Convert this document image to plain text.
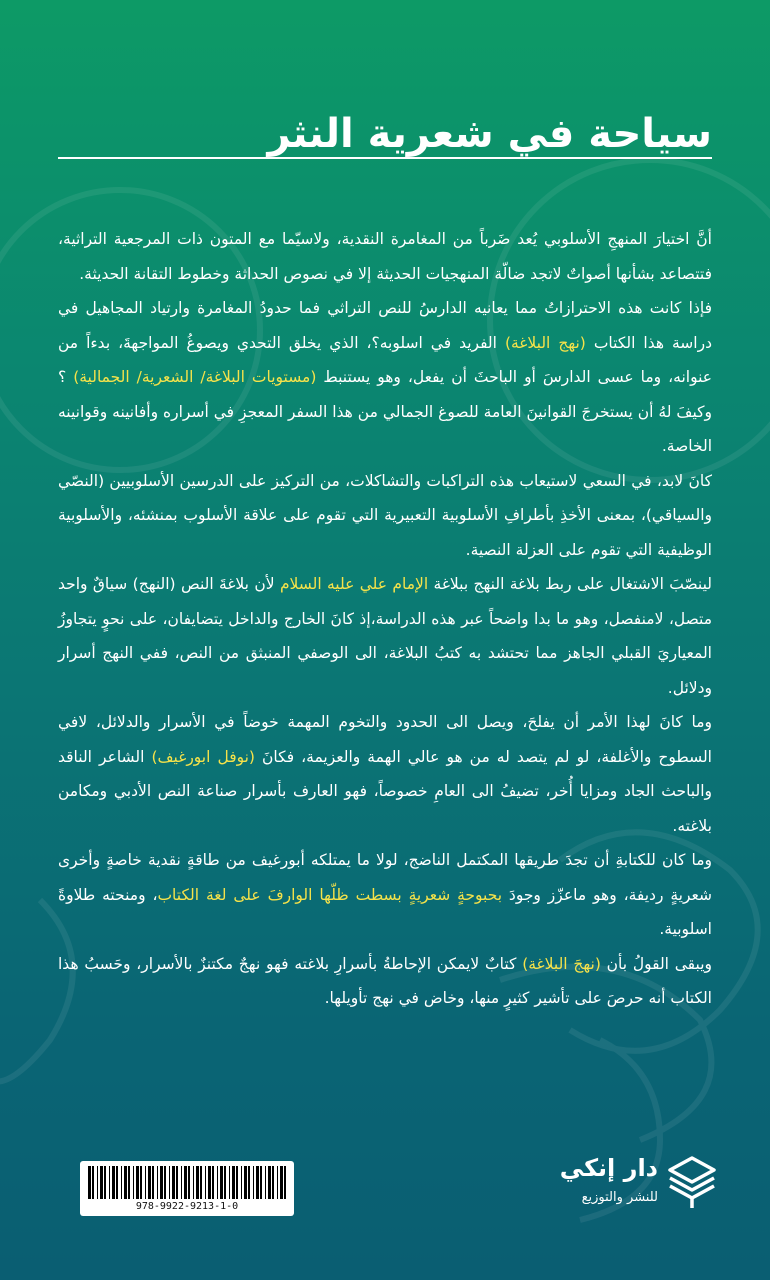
سياحة في شعرية النثر

أنَّ اختيارَ المنهجِ الأسلوبي يُعد ضَرباً من المغامرة النقدية، ولاسيّما مع المتون ذات المرجعية التراثية، فتتصاعد بشأنها أصواتٌ لاتجد ضالّة المنهجيات الحديثة إلا في نصوص الحداثة وخطوط التقانة الحديثة.

فإذا كانت هذه الاحترازاتُ مما يعانيه الدارسُ للنص التراثي فما حدودُ المغامرة وارتياد المجاهيل في دراسة هذا الكتاب (نهج البلاغة) الفريد في اسلوبه؟، الذي يخلق التحدي ويصوغُ المواجهةَ، بدءاً من عنوانه، وما عسى الدارسَ أو الباحثَ أن يفعل، وهو يستنبط (مستويات البلاغة/ الشعرية/ الجمالية) ؟ وكيفَ لهُ أن يستخرجَ القوانينَ العامة للصوغ الجمالي من هذا السفر المعجزِ في أسراره وأفانينه وقوانينه الخاصة.

كانَ لابد، في السعي لاستيعاب هذه التراكبات والتشاكلات، من التركيز على الدرسين الأسلوبيين (النصّي والسياقي)، بمعنى الأخذِ بأطرافِ الأسلوبية التعبيرية التي تقوم على علاقة الأسلوب بمنشئه، والأسلوبية الوظيفية التي تقوم على العزلة النصية.

لينصّبَ الاشتغال على ربط بلاغة النهج ببلاغة الإمام علي عليه السلام لأن بلاغةَ النص (النهج) سياقٌ واحد متصل، لامنفصل، وهو ما بدا واضحاً عبر هذه الدراسة،إذ كانَ الخارج والداخل يتضايفان، على نحوٍ يتجاوزُ المعياريَ القبلي الجاهز مما تحتشد به كتبُ البلاغة، الى الوصفي المنبثق من النص، ففي النهج أسرار ودلائل.

وما كانَ لهذا الأمر أن يفلحَ، ويصل الى الحدود والتخوم المهمة خوضاً في الأسرار والدلائل، لافي السطوح والأغلفة، لو لم يتصد له من هو عالي الهمة والعزيمة، فكانَ (نوفل ابورغيف) الشاعر الناقد والباحث الجاد ومزايا أُخر، تضيفُ الى العامِ خصوصاً، فهو العارف بأسرار صناعة النص الأدبي ومكامن بلاغته.

وما كان للكتابةِ أن تجدَ طريقها المكتمل الناضج، لولا ما يمتلكه أبورغيف من طاقةٍ نقدية خاصةٍ وأخرى شعريةٍ رديفة، وهو ماعزّز وجودَ بحبوحةٍ شعريةٍ بسطت ظلّها الوارفَ على لغة الكتاب، ومنحته طلاوةً اسلوبية.

ويبقى القولُ بأن (نهجَ البلاغة) كتابٌ لايمكن الإحاطةُ بأسرارِ بلاغته فهو نهجٌ مكتنزٌ بالأسرار، وحَسبُ هذا الكتاب أنه حرصَ على تأشير كثيرٍ منها، وخاض في نهج تأويلها.

978-9922-9213-1-0
دار إنكي
للنشر والتوزيع
